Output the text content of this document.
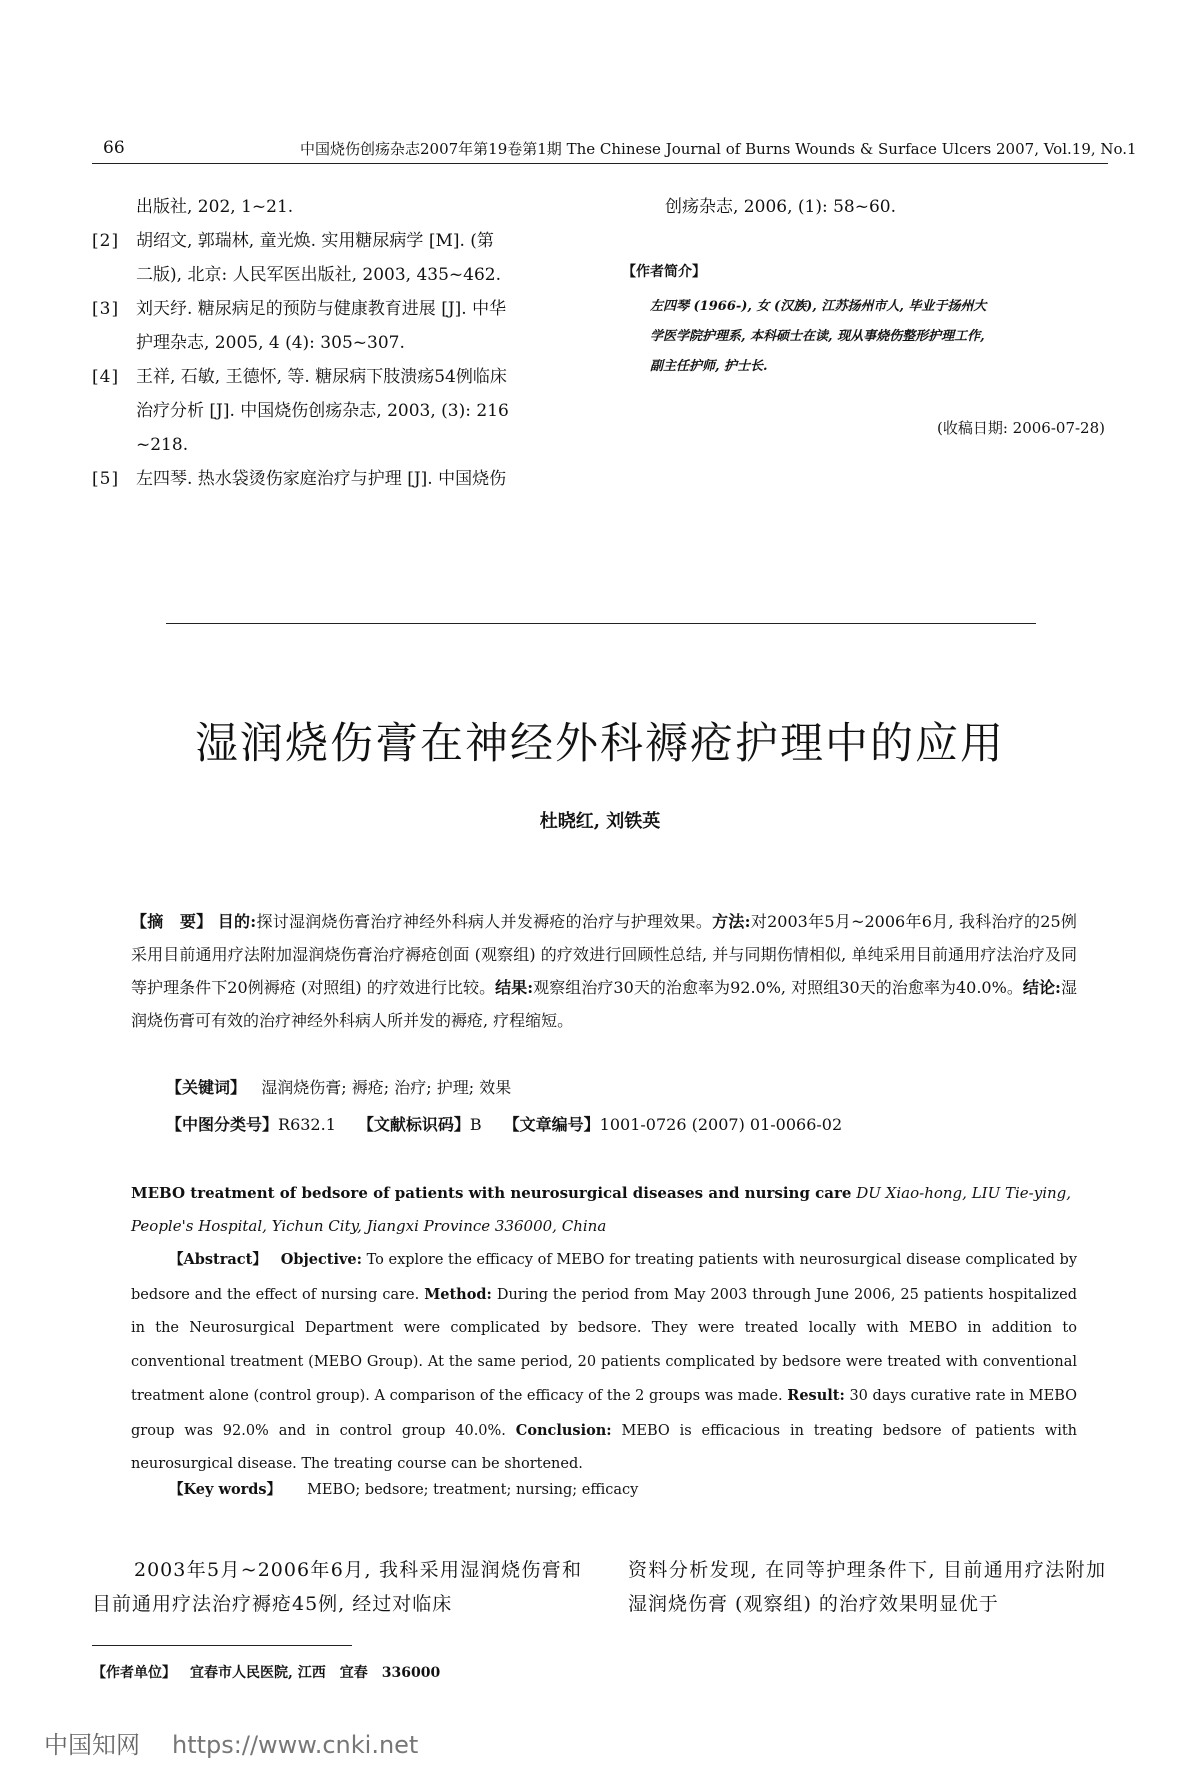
66	中国烧伤创疡杂志2007年第19卷第1期 The Chinese Journal of Burns Wounds & Surface Ulcers 2007, Vol.19, No.1
出版社, 202, 1~21.
[2] 胡绍文, 郭瑞林, 童光焕. 实用糖尿病学 [M]. (第
二版), 北京: 人民军医出版社, 2003, 435~462.
[3] 刘天纾. 糖尿病足的预防与健康教育进展 [J]. 中华
护理杂志, 2005, 4 (4): 305~307.
[4] 王祥, 石敏, 王德怀, 等. 糖尿病下肢溃疡54例临床
治疗分析 [J]. 中国烧伤创疡杂志, 2003, (3): 216
~218.
[5] 左四琴. 热水袋烫伤家庭治疗与护理 [J]. 中国烧伤
创疡杂志, 2006, (1): 58~60.
【作者简介】
左四琴 (1966-), 女 (汉族), 江苏扬州市人, 毕业于扬州大
学医学院护理系, 本科硕士在读, 现从事烧伤整形护理工作,
副主任护师, 护士长.
(收稿日期: 2006-07-28)
湿润烧伤膏在神经外科褥疮护理中的应用
杜晓红, 刘铁英
【摘　要】 目的:探讨湿润烧伤膏治疗神经外科病人并发褥疮的治疗与护理效果。方法:对2003年5月~2006年6月, 我科治疗的25例采用目前通用疗法附加湿润烧伤膏治疗褥疮创面 (观察组) 的疗效进行回顾性总结, 并与同期伤情相似, 单纯采用目前通用疗法治疗及同等护理条件下20例褥疮 (对照组) 的疗效进行比较。结果:观察组治疗30天的治愈率为92.0%, 对照组30天的治愈率为40.0%。结论:湿润烧伤膏可有效的治疗神经外科病人所并发的褥疮, 疗程缩短。
【关键词】 湿润烧伤膏; 褥疮; 治疗; 护理; 效果
【中图分类号】R632.1 【文献标识码】B 【文章编号】1001-0726 (2007) 01-0066-02
MEBO treatment of bedsore of patients with neurosurgical diseases and nursing care DU Xiao-hong, LIU Tie-ying, People's Hospital, Yichun City, Jiangxi Province 336000, China
【Abstract】 Objective: To explore the efficacy of MEBO for treating patients with neurosurgical disease complicated by bedsore and the effect of nursing care. Method: During the period from May 2003 through June 2006, 25 patients hospitalized in the Neurosurgical Department were complicated by bedsore. They were treated locally with MEBO in addition to conventional treatment (MEBO Group). At the same period, 20 patients complicated by bedsore were treated with conventional treatment alone (control group). A comparison of the efficacy of the 2 groups was made. Result: 30 days curative rate in MEBO group was 92.0% and in control group 40.0%. Conclusion: MEBO is efficacious in treating bedsore of patients with neurosurgical disease. The treating course can be shortened.
【Key words】 MEBO; bedsore; treatment; nursing; efficacy
2003年5月~2006年6月, 我科采用湿润烧伤膏和目前通用疗法治疗褥疮45例, 经过对临床
资料分析发现, 在同等护理条件下, 目前通用疗法附加湿润烧伤膏 (观察组) 的治疗效果明显优于
【作者单位】 宜春市人民医院, 江西 宜春 336000
中国知网 https://www.cnki.net
